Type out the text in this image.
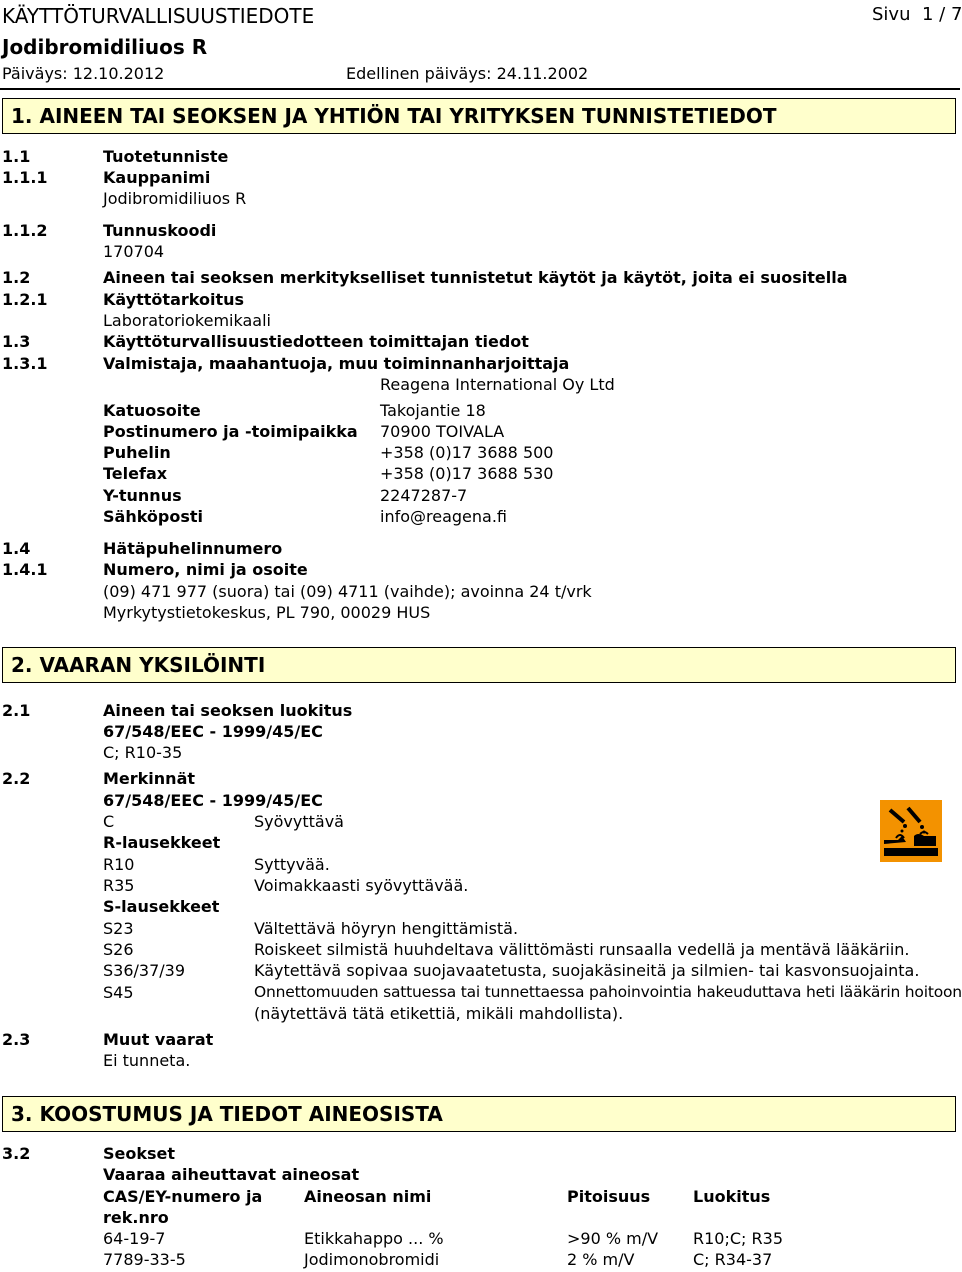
KÄYTTÖTURVALLISUUSTIEDOTE
Jodibromidiliuos R
Päiväys: 12.10.2012	Edellinen päiväys: 24.11.2002
Sivu 1 / 7
1. AINEEN TAI SEOKSEN JA YHTIÖN TAI YRITYKSEN TUNNISTETIEDOT
1.1	Tuotetunniste
1.1.1	Kauppanimi
Jodibromidiliuos R
1.1.2	Tunnuskoodi
170704
1.2	Aineen tai seoksen merkitykselliset tunnistetut käytöt ja käytöt, joita ei suositella
1.2.1	Käyttötarkoitus
Laboratoriokemikaali
1.3	Käyttöturvallisuustiedotteen toimittajan tiedot
1.3.1	Valmistaja, maahantuoja, muu toiminnanharjoittaja
Reagena International Oy Ltd
Katuosoite	Takojantie 18
Postinumero ja -toimipaikka 70900 TOIVALA
Puhelin	+358 (0)17 3688 500
Telefax	+358 (0)17 3688 530
Y-tunnus	2247287-7
Sähköposti	info@reagena.fi
1.4	Hätäpuhelinnumero
1.4.1	Numero, nimi ja osoite
(09) 471 977 (suora) tai (09) 4711 (vaihde); avoinna 24 t/vrk
Myrkytystietokeskus, PL 790, 00029 HUS
2. VAARAN YKSILÖINTI
2.1	Aineen tai seoksen luokitus
67/548/EEC - 1999/45/EC
C; R10-35
2.2	Merkinnät
67/548/EEC - 1999/45/EC
C	Syövyttävä
R-lausekkeet
R10	Syttyvää.
R35	Voimakkaasti syövyttävää.
S-lausekkeet
S23	Vältettävä höyryn hengittämistä.
S26	Roiskeet silmistä huuhdeltava välittömästi runsaalla vedellä ja mentävä lääkäriin.
S36/37/39	Käytettävä sopivaa suojavaatetusta, suojakäsineitä ja silmien- tai kasvonsuojainta.
S45	Onnettomuuden sattuessa tai tunnettaessa pahoinvointia hakeuduttava heti lääkärin hoitoon
(näytettävä tätä etikettiä, mikäli mahdollista).
2.3	Muut vaarat
Ei tunneta.
3. KOOSTUMUS JA TIEDOT AINEOSISTA
3.2	Seokset
Vaaraa aiheuttavat aineosat
CAS/EY-numero ja
rek.nro
Aineosan nimi	Pitoisuus	Luokitus
64-19-7	Etikkahappo ... %	>90 % m/V R10;C; R35
7789-33-5	Jodimonobromidi	2 % m/V	C; R34-37
